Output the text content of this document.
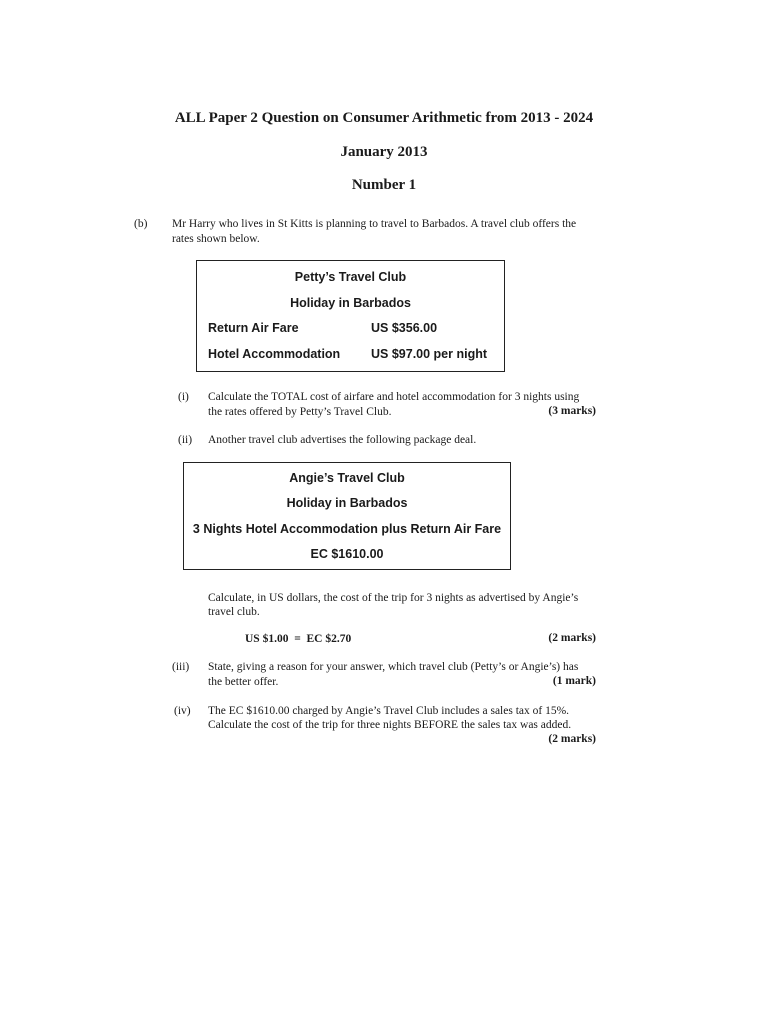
ALL Paper 2 Question on Consumer Arithmetic from 2013 - 2024
January 2013
Number 1
(b) Mr Harry who lives in St Kitts is planning to travel to Barbados. A travel club offers the
rates shown below.
Petty’s Travel Club
Holiday in Barbados
Return Air Fare	US $356.00
Hotel Accommodation US $97.00 per night
(i) Calculate the TOTAL cost of airfare and hotel accommodation for 3 nights using
the rates offered by Petty’s Travel Club.	(3 marks)
(ii) Another travel club advertises the following package deal.
Angie’s Travel Club
Holiday in Barbados
3 Nights Hotel Accommodation plus Return Air Fare
EC $1610.00
Calculate, in US dollars, the cost of the trip for 3 nights as advertised by Angie’s
travel club.
US $1.00  =  EC $2.70	(2 marks)
(iii) State, giving a reason for your answer, which travel club (Petty’s or Angie’s) has
the better offer.	(1 mark)
(iv) The EC $1610.00 charged by Angie’s Travel Club includes a sales tax of 15%.
Calculate the cost of the trip for three nights BEFORE the sales tax was added.
(2 marks)
